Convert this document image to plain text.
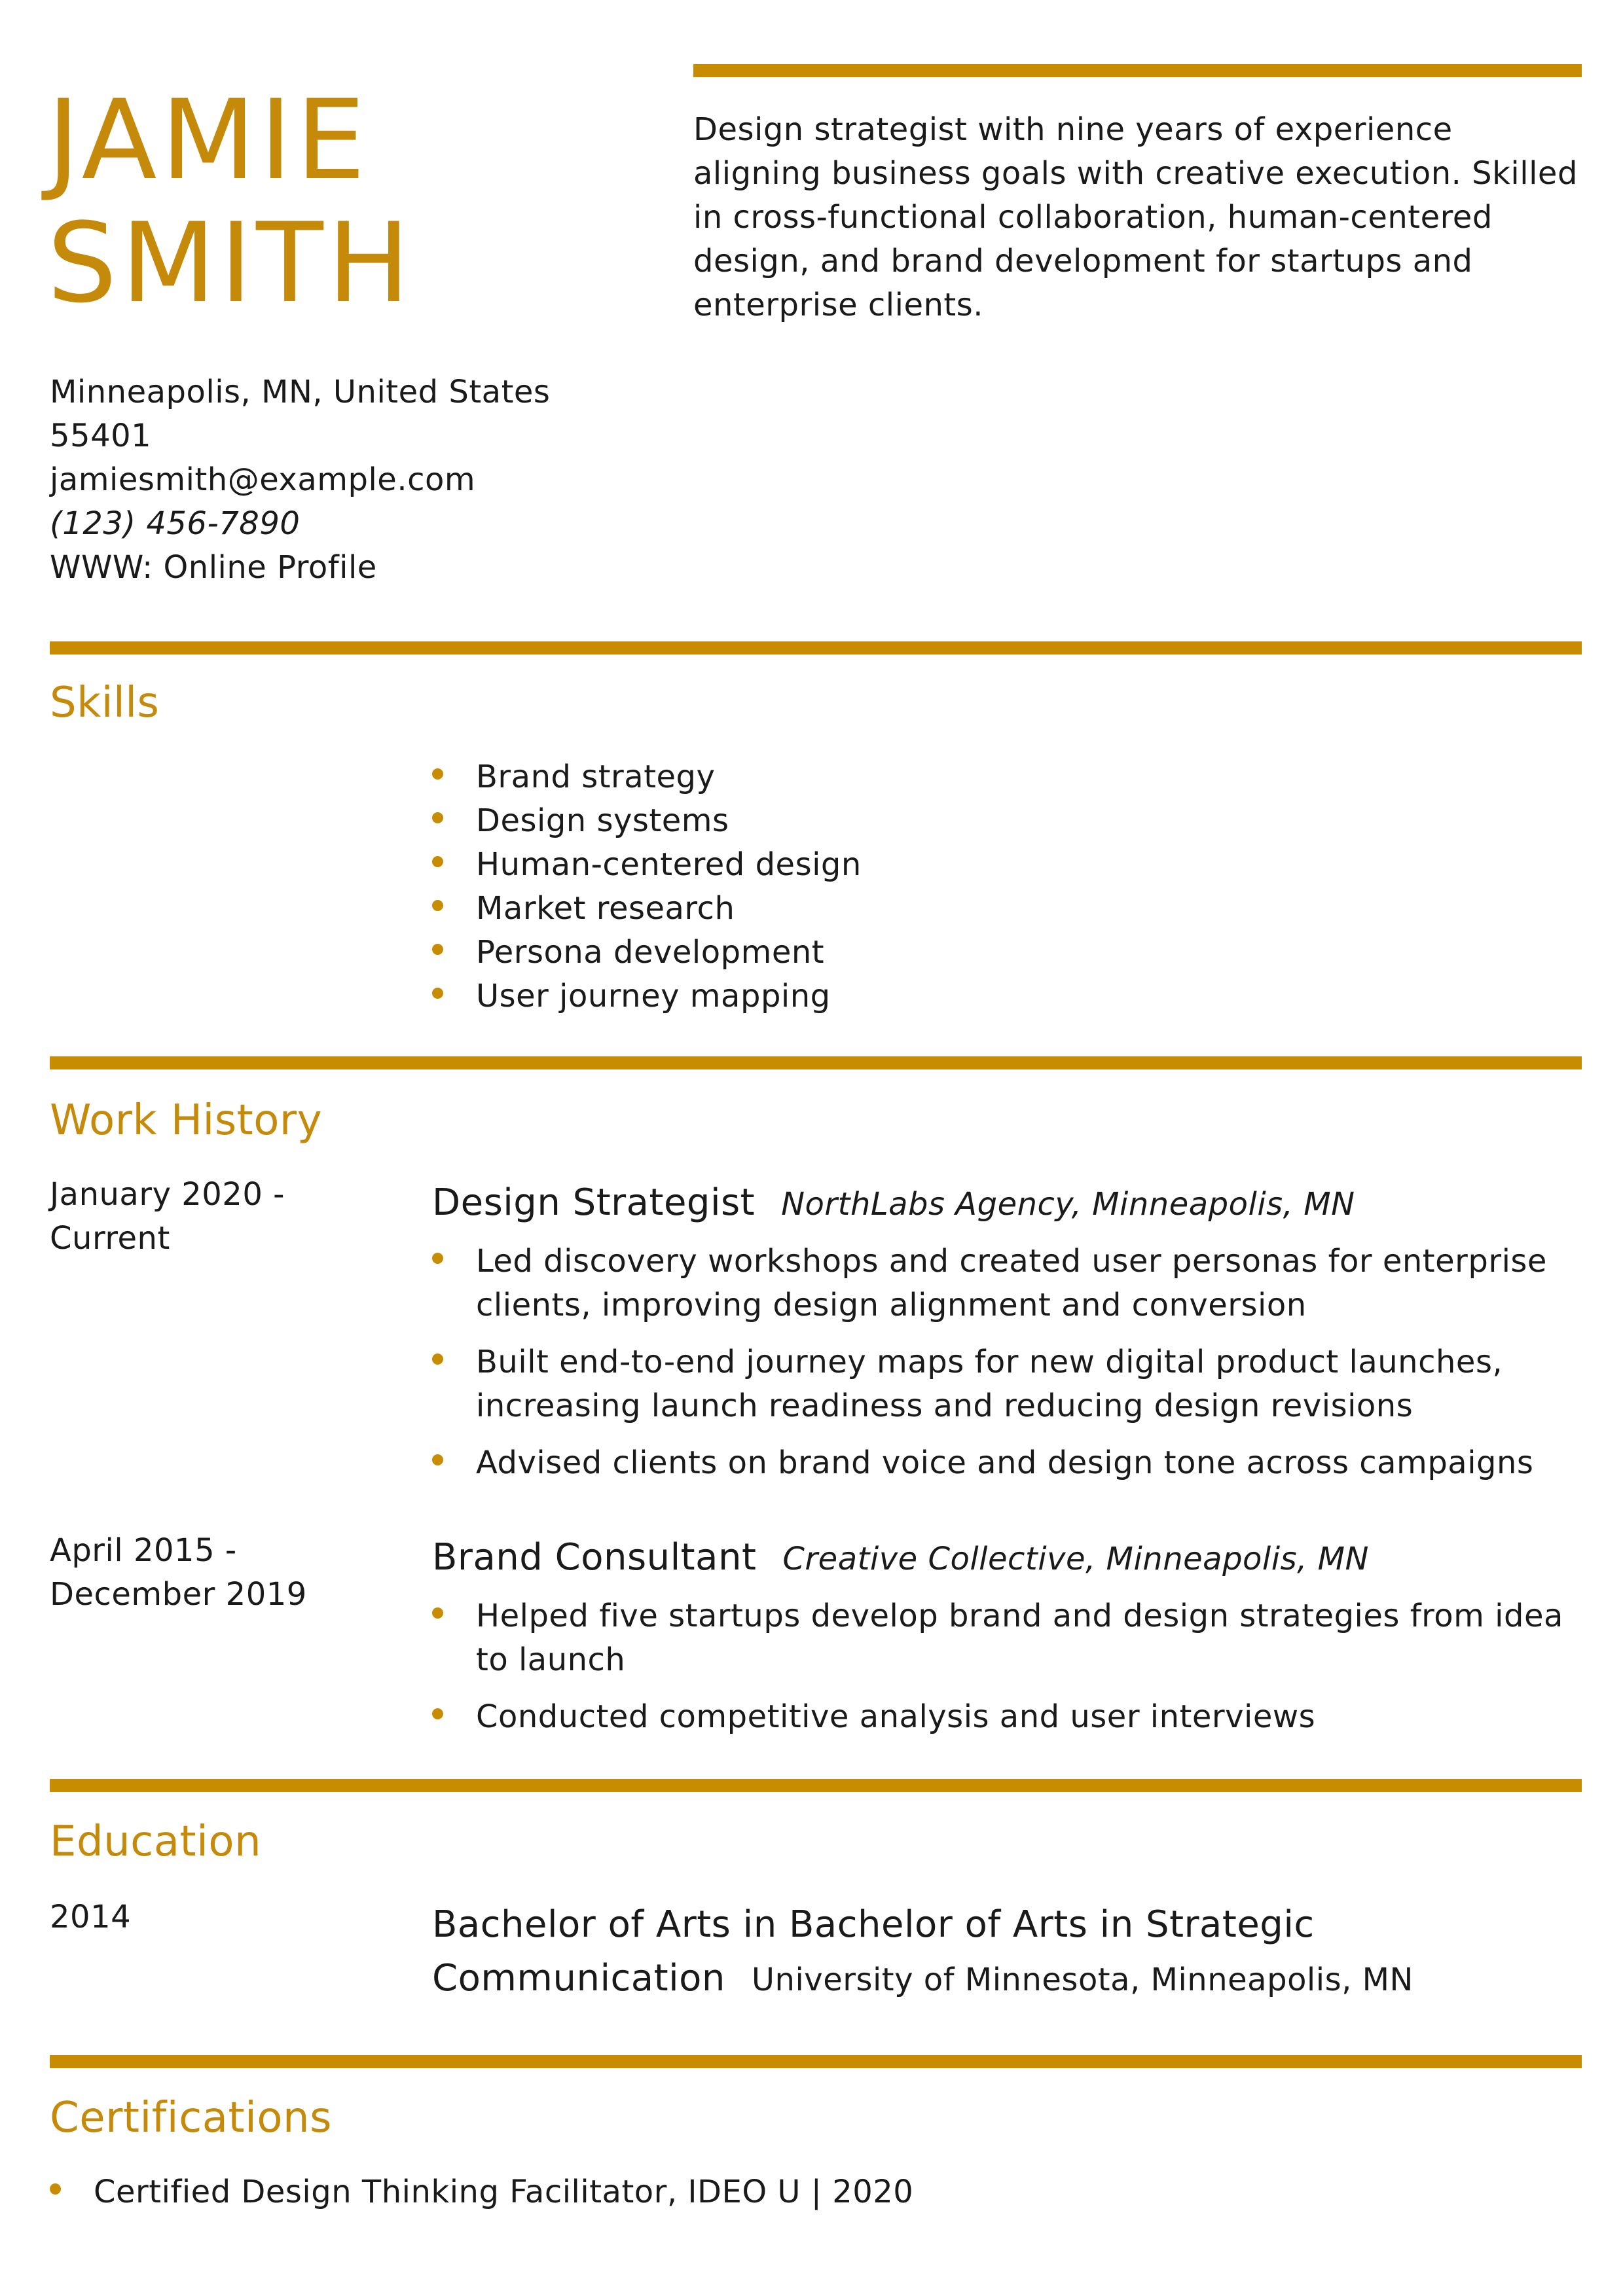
JAMIE
SMITH

Design strategist with nine years of experience aligning business goals with creative execution. Skilled in cross-functional collaboration, human-centered design, and brand development for startups and enterprise clients.

Minneapolis, MN, United States
55401
jamiesmith@example.com
(123) 456-7890
WWW: Online Profile
Skills
Brand strategy
Design systems
Human-centered design
Market research
Persona development
User journey mapping
Work History
January 2020 -
Current
Design Strategist NorthLabs Agency, Minneapolis, MN
Led discovery workshops and created user personas for enterprise clients, improving design alignment and conversion
Built end-to-end journey maps for new digital product launches, increasing launch readiness and reducing design revisions
Advised clients on brand voice and design tone across campaigns
April 2015 -
December 2019
Brand Consultant Creative Collective, Minneapolis, MN
Helped five startups develop brand and design strategies from idea to launch
Conducted competitive analysis and user interviews
Education
2014	Bachelor of Arts in Bachelor of Arts in Strategic Communication University of Minnesota, Minneapolis, MN
Certifications
Certified Design Thinking Facilitator, IDEO U | 2020
